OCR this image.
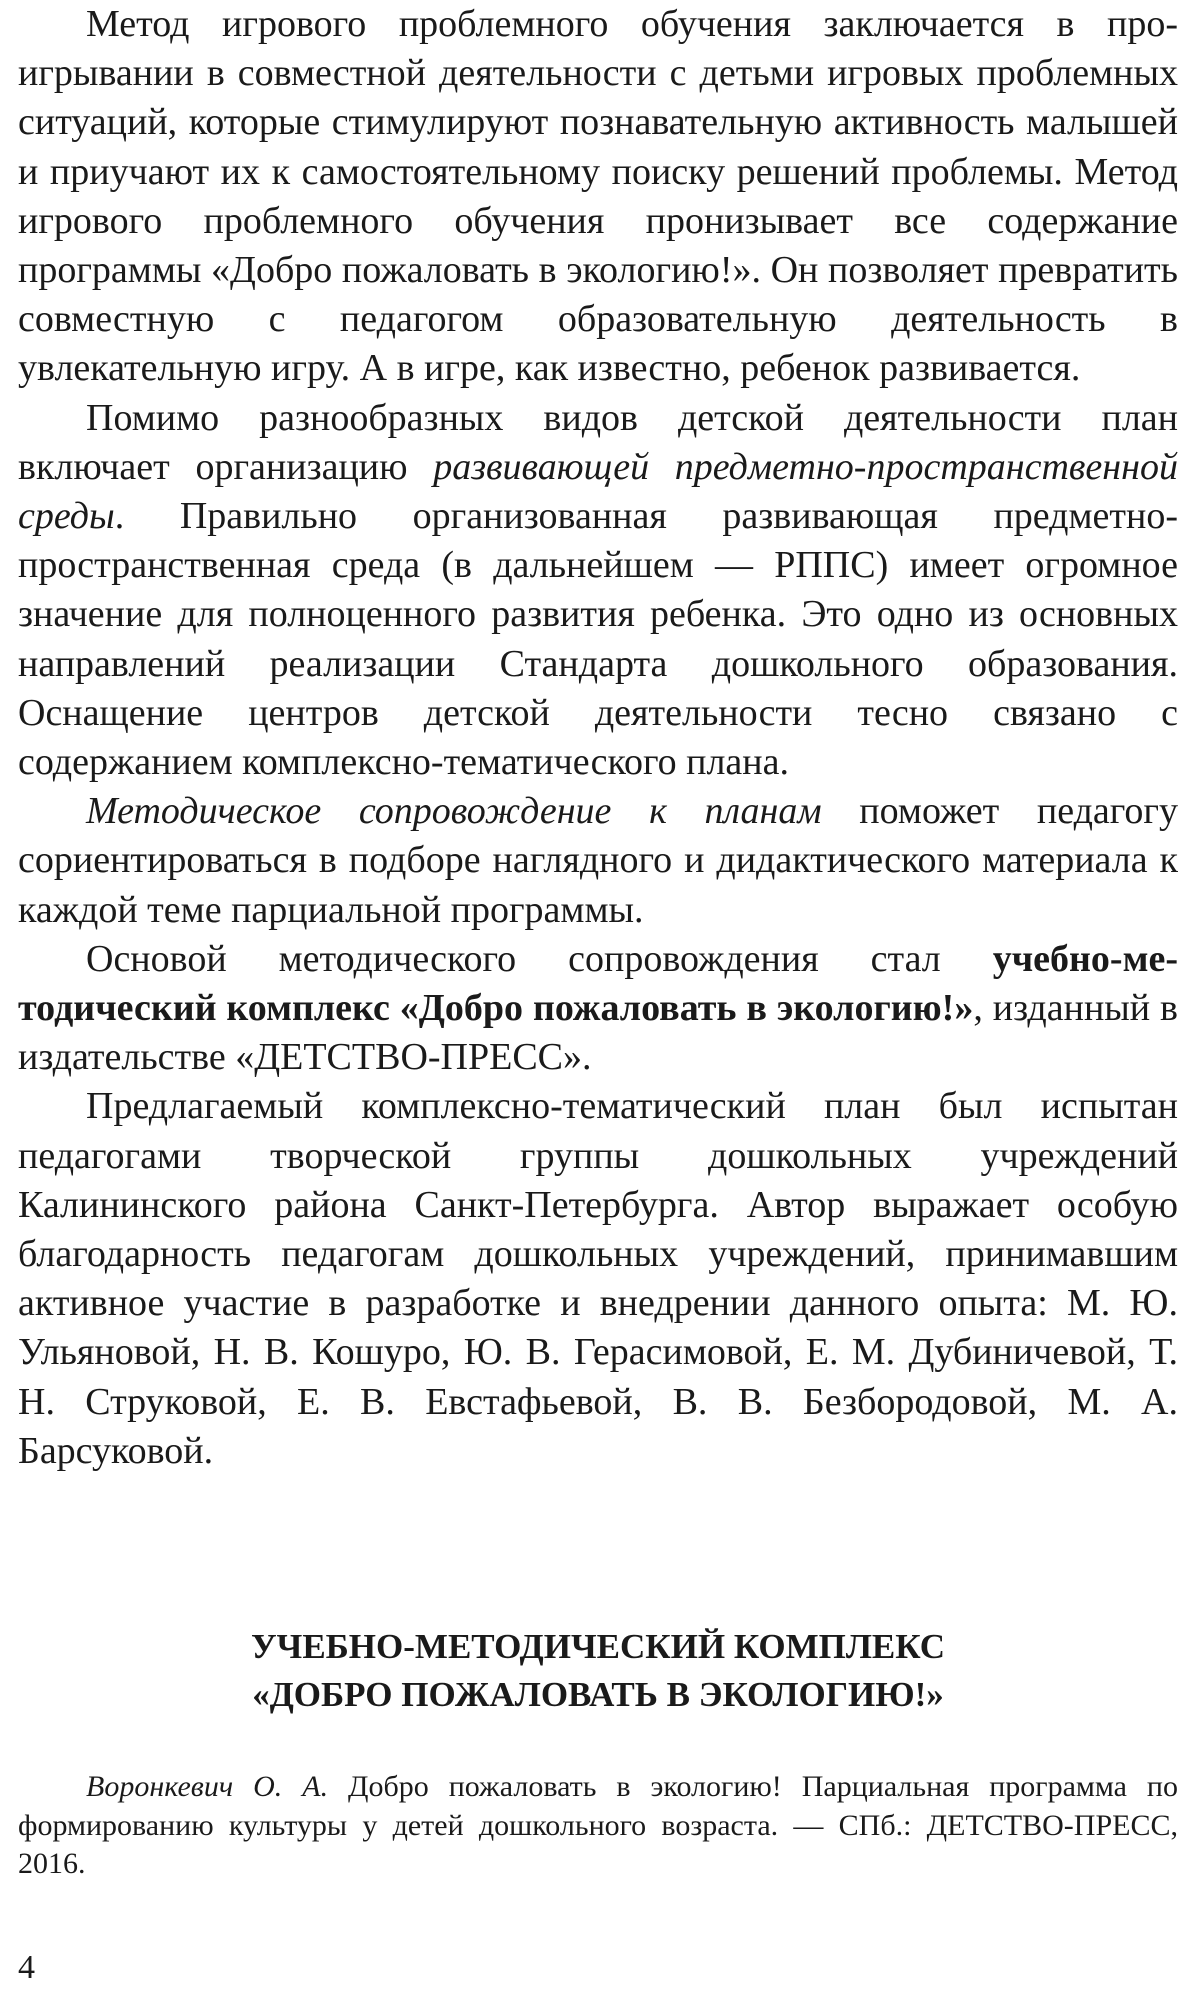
Метод игрового проблемного обучения заключается в проигрывании в совместной деятельности с детьми игровых проблемных ситуаций, которые стимулируют познавательную активность малышей и приучают их к самостоятельному поиску решений проблемы. Метод игрового проблемного обучения пронизывает все содержание программы «Добро пожаловать в экологию!». Он позволяет превратить совместную с педагогом образовательную деятельность в увлекательную игру. А в игре, как известно, ребенок развивается.

Помимо разнообразных видов детской деятельности план включает организацию развивающей предметно-пространственной среды. Правильно организованная развивающая предметно-пространственная среда (в дальнейшем — РППС) имеет огромное значение для полноценного развития ребенка. Это одно из основных направлений реализации Стандарта дошкольного образования. Оснащение центров детской деятельности тесно связано с содержанием комплексно-тематического плана.

Методическое сопровождение к планам поможет педагогу сориентироваться в подборе наглядного и дидактического материала к каждой теме парциальной программы.

Основой методического сопровождения стал учебно-методический комплекс «Добро пожаловать в экологию!», изданный в издательстве «ДЕТСТВО-ПРЕСС».

Предлагаемый комплексно-тематический план был испытан педагогами творческой группы дошкольных учреждений Калининского района Санкт-Петербурга. Автор выражает особую благодарность педагогам дошкольных учреждений, принимавшим активное участие в разработке и внедрении данного опыта: М. Ю. Ульяновой, Н. В. Кошуро, Ю. В. Герасимовой, Е. М. Дубиничевой, Т. Н. Струковой, Е. В. Евстафьевой, В. В. Безбородовой, М. А. Барсуковой.

УЧЕБНО-МЕТОДИЧЕСКИЙ КОМПЛЕКС
«ДОБРО ПОЖАЛОВАТЬ В ЭКОЛОГИЮ!»

Воронкевич О. А. Добро пожаловать в экологию! Парциальная программа по формированию культуры у детей дошкольного возраста. — СПб.: ДЕТСТВО-ПРЕСС, 2016.

4
